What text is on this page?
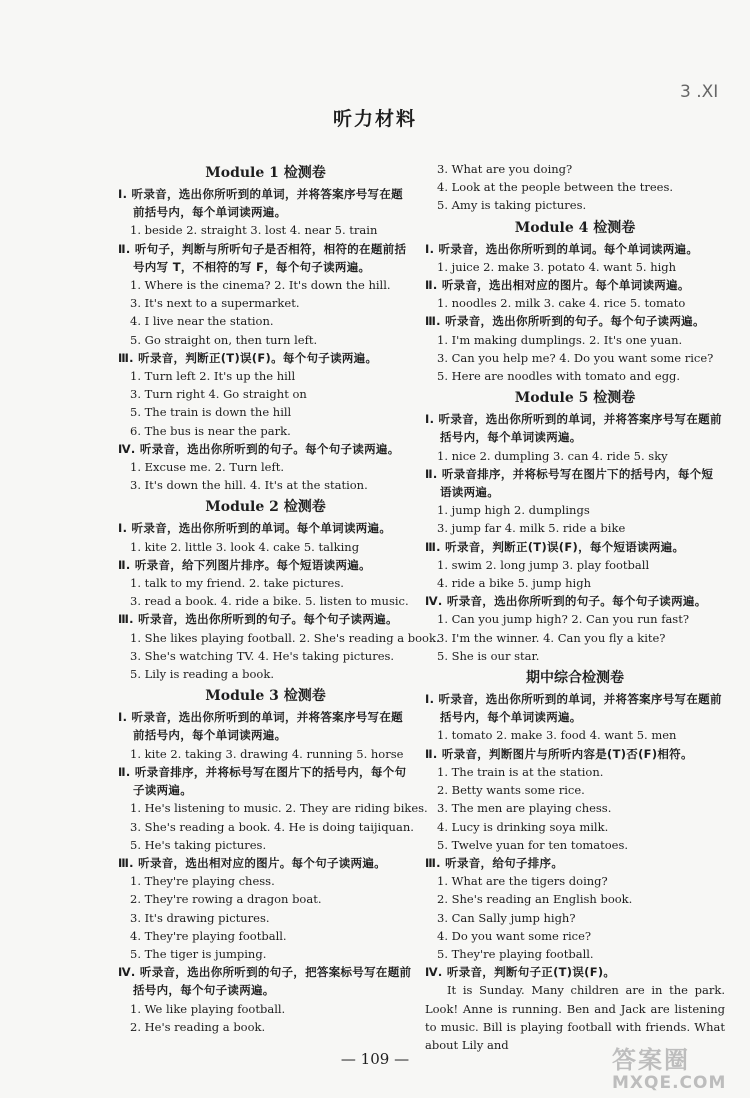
听力材料
3 .XI
Module 1 检测卷
Ⅰ. 听录音，选出你所听到的单词，并将答案序号写在题前括号内，每个单词读两遍。
1. beside 2. straight 3. lost 4. near 5. train
Ⅱ. 听句子，判断与所听句子是否相符，相符的在题前括号内写 T，不相符的写 F，每个句子读两遍。
1. Where is the cinema? 2. It's down the hill.
3. It's next to a supermarket.
4. I live near the station.
5. Go straight on, then turn left.
Ⅲ. 听录音，判断正(T)误(F)。每个句子读两遍。
1. Turn left 2. It's up the hill
3. Turn right 4. Go straight on
5. The train is down the hill
6. The bus is near the park.
Ⅳ. 听录音，选出你所听到的句子。每个句子读两遍。
1. Excuse me. 2. Turn left.
3. It's down the hill. 4. It's at the station.
Module 2 检测卷
Ⅰ. 听录音，选出你所听到的单词。每个单词读两遍。
1. kite 2. little 3. look 4. cake 5. talking
Ⅱ. 听录音，给下列图片排序。每个短语读两遍。
1. talk to my friend. 2. take pictures.
3. read a book. 4. ride a bike. 5. listen to music.
Ⅲ. 听录音，选出你所听到的句子。每个句子读两遍。
1. She likes playing football. 2. She's reading a book.
3. She's watching TV. 4. He's taking pictures.
5. Lily is reading a book.
Module 3 检测卷
Ⅰ. 听录音，选出你所听到的单词，并将答案序号写在题前括号内，每个单词读两遍。
1. kite 2. taking 3. drawing 4. running 5. horse
Ⅱ. 听录音排序，并将标号写在图片下的括号内，每个句子读两遍。
1. He's listening to music. 2. They are riding bikes.
3. She's reading a book. 4. He is doing taijiquan.
5. He's taking pictures.
Ⅲ. 听录音，选出相对应的图片。每个句子读两遍。
1. They're playing chess.
2. They're rowing a dragon boat.
3. It's drawing pictures.
4. They're playing football.
5. The tiger is jumping.
Ⅳ. 听录音，选出你所听到的句子，把答案标号写在题前括号内，每个句子读两遍。
1. We like playing football.
2. He's reading a book.
3. What are you doing?
4. Look at the people between the trees.
5. Amy is taking pictures.
Module 4 检测卷
Ⅰ. 听录音，选出你所听到的单词。每个单词读两遍。
1. juice 2. make 3. potato 4. want 5. high
Ⅱ. 听录音，选出相对应的图片。每个单词读两遍。
1. noodles 2. milk 3. cake 4. rice 5. tomato
Ⅲ. 听录音，选出你所听到的句子。每个句子读两遍。
1. I'm making dumplings. 2. It's one yuan.
3. Can you help me? 4. Do you want some rice?
5. Here are noodles with tomato and egg.
Module 5 检测卷
Ⅰ. 听录音，选出你所听到的单词，并将答案序号写在题前括号内，每个单词读两遍。
1. nice 2. dumpling 3. can 4. ride 5. sky
Ⅱ. 听录音排序，并将标号写在图片下的括号内，每个短语读两遍。
1. jump high 2. dumplings
3. jump far 4. milk 5. ride a bike
Ⅲ. 听录音，判断正(T)误(F)，每个短语读两遍。
1. swim 2. long jump 3. play football
4. ride a bike 5. jump high
Ⅳ. 听录音，选出你所听到的句子。每个句子读两遍。
1. Can you jump high? 2. Can you run fast?
3. I'm the winner. 4. Can you fly a kite?
5. She is our star.
期中综合检测卷
Ⅰ. 听录音，选出你所听到的单词，并将答案序号写在题前括号内，每个单词读两遍。
1. tomato 2. make 3. food 4. want 5. men
Ⅱ. 听录音，判断图片与所听内容是(T)否(F)相符。
1. The train is at the station.
2. Betty wants some rice.
3. The men are playing chess.
4. Lucy is drinking soya milk.
5. Twelve yuan for ten tomatoes.
Ⅲ. 听录音，给句子排序。
1. What are the tigers doing?
2. She's reading an English book.
3. Can Sally jump high?
4. Do you want some rice?
5. They're playing football.
Ⅳ. 听录音，判断句子正(T)误(F)。
It is Sunday. Many children are in the park. Look! Anne is running. Ben and Jack are listening to music. Bill is playing football with friends. What about Lily and
— 109 —	答案圈
MXQE.COM
